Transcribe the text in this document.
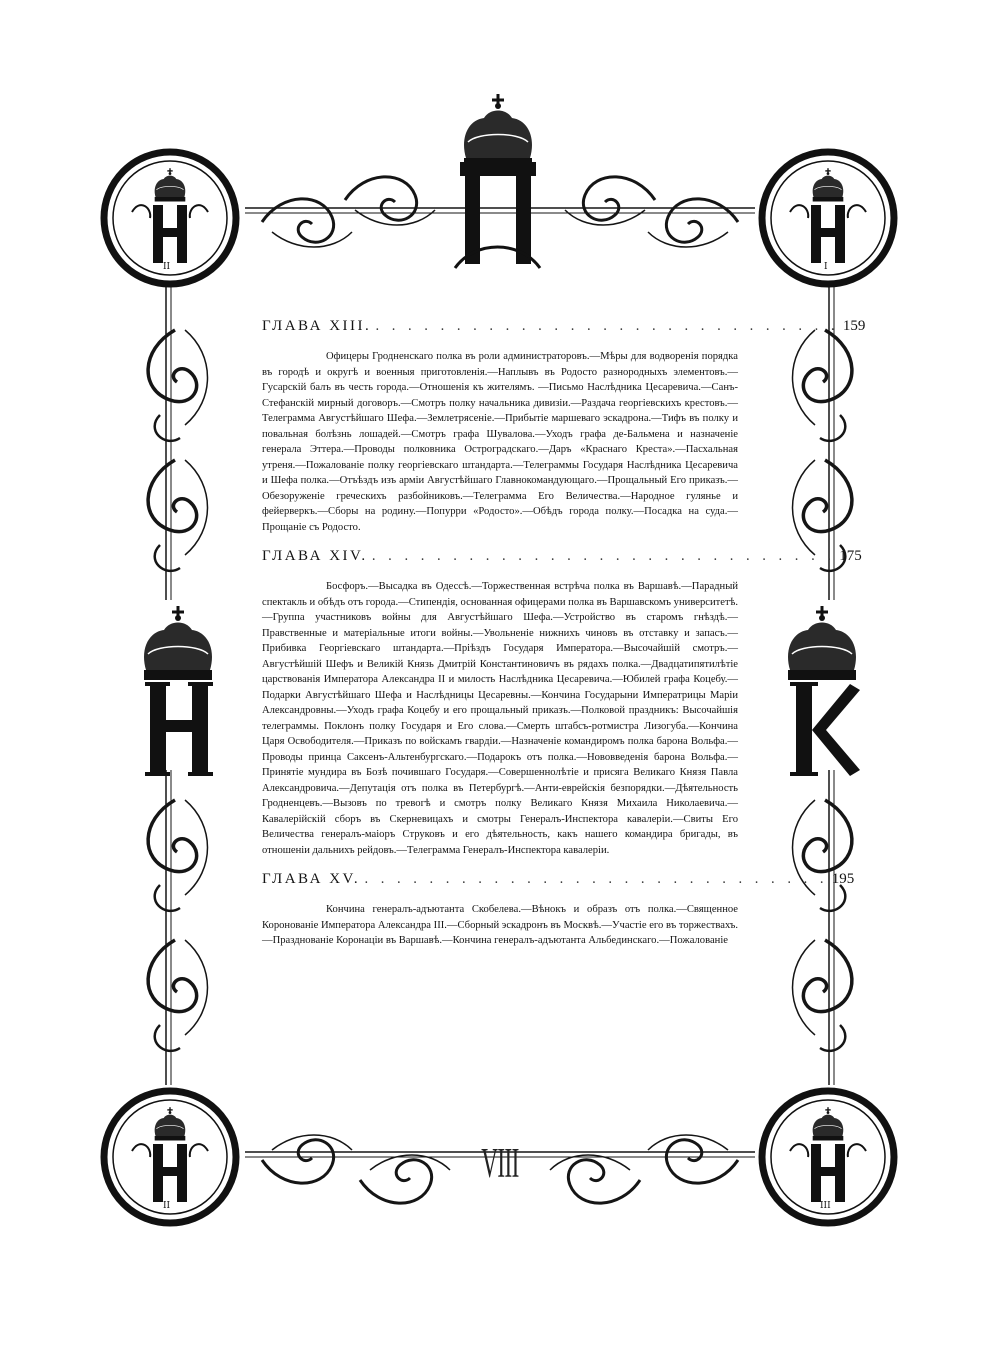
II	I
II	III
ГЛАВА XIII. . . . . . . . . . . . . . . . . . . . . . . . . . . . . . 159

Офицеры Гродненскаго полка въ роли администраторовъ.—Мѣры для водворенія порядка въ городѣ и округѣ и военныя приготовленія.—Наплывъ въ Родосто разнородныхъ элементовъ.—Гусарскій балъ въ честь города.—Отношенія къ жителямъ. —Письмо Наслѣдника Цесаревича.—Санъ-Стефанскій мирный договоръ.—Смотръ полку начальника дивизіи.—Раздача георгіевскихъ крестовъ.—Телеграмма Августѣйшаго Шефа.—Землетрясеніе.—Прибытіе маршеваго эскадрона.—Тифъ въ полку и повальная болѣзнь лошадей.—Смотръ графа Шувалова.—Уходъ графа де-Бальмена и назначеніе генерала Эттера.—Проводы полковника Остроградскаго.—Даръ «Краснаго Креста».—Пасхальная утреня.—Пожалованіе полку георгіевскаго штандарта.—Телеграммы Государя Наслѣдника Цесаревича и Шефа полка.—Отъѣздъ изъ арміи Августѣйшаго Главнокомандующаго.—Прощальный Его приказъ.—Обезоруженіе греческихъ разбойниковъ.—Телеграмма Его Величества.—Народное гулянье и фейерверкъ.—Сборы на родину.—Попурри «Родосто».—Обѣдъ города полку.—Посадка на суда.—Прощаніе съ Родосто.

ГЛАВА XIV. . . . . . . . . . . . . . . . . . . . . . . . . . . . . . 175

Босфоръ.—Высадка въ Одессѣ.—Торжественная встрѣча полка въ Варшавѣ.—Парадный спектакль и обѣдъ отъ города.—Стипендія, основанная офицерами полка въ Варшавскомъ университетѣ.—Группа участниковъ войны для Августѣйшаго Шефа.—Устройство въ старомъ гнѣздѣ.—Правственные и матеріальные итоги войны.—Увольненіе нижнихъ чиновъ въ отставку и запасъ.—Прибивка Георгіевскаго штандарта.—Пріѣздъ Государя Императора.—Высочайшій смотръ.—Августѣйшій Шефъ и Великій Князь Дмитрій Константиновичъ въ рядахъ полка.—Двадцатипятилѣтіе царствованія Императора Александра II и милость Наслѣдника Цесаревича.—Юбилей графа Коцебу.—Подарки Августѣйшаго Шефа и Наслѣдницы Цесаревны.—Кончина Государыни Императрицы Маріи Александровны.—Уходъ графа Коцебу и его прощальный приказъ.—Полковой праздникъ: Высочайшія телеграммы. Поклонъ полку Государя и Его слова.—Смерть штабсъ-ротмистра Лизогуба.—Кончина Царя Освободителя.—Приказъ по войскамъ гвардіи.—Назначеніе командиромъ полка барона Вольфа.—Проводы принца Саксенъ-Альтенбургскаго.—Подарокъ отъ полка.—Нововведенія барона Вольфа.—Принятіе мундира въ Бозѣ почившаго Государя.—Совершеннолѣтіе и присяга Великаго Князя Павла Александровича.—Депутація отъ полка въ Петербургѣ.—Анти-еврейскія безпорядки.—Дѣятельность Гродненцевъ.—Вызовъ по тревогѣ и смотръ полку Великаго Князя Михаила Николаевича.—Кавалерійскій сборъ въ Скерневицахъ и смотры Генералъ-Инспектора кавалеріи.—Свиты Его Величества генералъ-маіоръ Струковъ и его дѣятельность, какъ нашего командира бригады, въ отношеніи дальнихъ рейдовъ.—Телеграмма Генералъ-Инспектора кавалеріи.

ГЛАВА XV. . . . . . . . . . . . . . . . . . . . . . . . . . . . . . 195

Кончина генералъ-адъютанта Скобелева.—Вѣнокъ и образъ отъ полка.—Священное Коронованіе Императора Александра III.—Сборный эскадронъ въ Москвѣ.—Участіе его въ торжествахъ.—Празднованіе Коронаціи въ Варшавѣ.—Кончина генералъ-адъютанта Альбединскаго.—Пожалованіе

VIII
